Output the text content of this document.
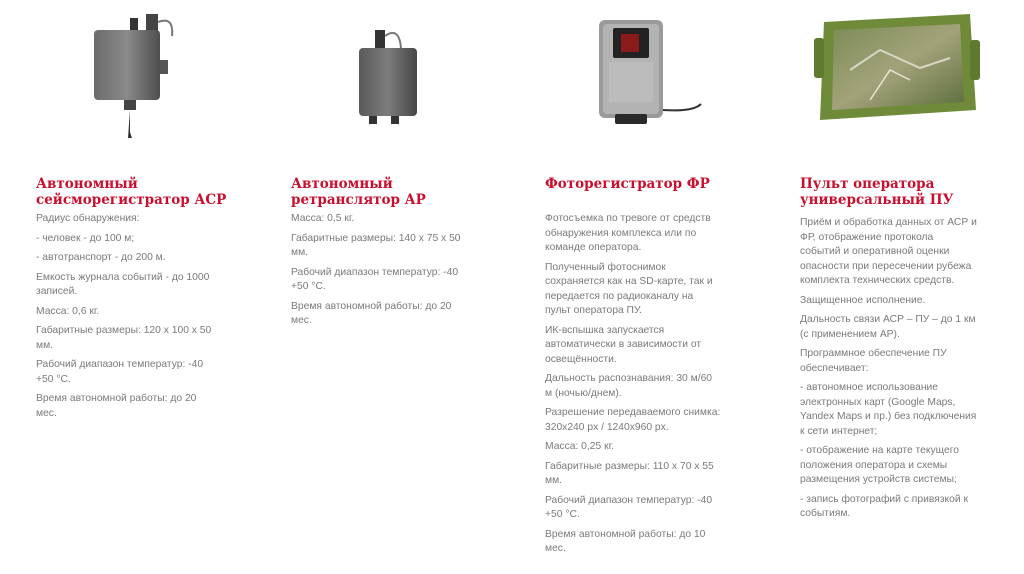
Автономный
сейсморегистратор АСР
Радиус обнаружения:
- человек - до 100 м;
- автотранспорт - до 200 м.
Емкость журнала событий - до 1000
записей.
Масса: 0,6 кг.
Габаритные размеры: 120 х 100 х 50
мм.
Рабочий диапазон температур: -40
+50 °С.
Время автономной работы: до 20
мес.
Автономный
ретранслятор АР
Масса: 0,5 кг.
Габаритные размеры: 140 х 75 х 50
мм.
Рабочий диапазон температур: -40
+50 °С.
Время автономной работы: до 20
мес.
Фоторегистратор ФР
Фотосъемка по тревоге от средств
обнаружения комплекса или по
команде оператора.
Полученный фотоснимок
сохраняется как на SD-карте, так и
передается по радиоканалу на
пульт оператора ПУ.
ИК-вспышка запускается
автоматически в зависимости от
освещённости.
Дальность распознавания: 30 м/60
м (ночью/днем).
Разрешение передаваемого снимка:
320х240 px / 1240х960 px.
Масса: 0,25 кг.
Габаритные размеры: 110 х 70 х 55
мм.
Рабочий диапазон температур: -40
+50 °С.
Время автономной работы: до 10
мес.
Пульт оператора
универсальный ПУ
Приём и обработка данных от АСР и
ФР, отображение протокола
событий и оперативной оценки
опасности при пересечении рубежа
комплекта технических средств.
Защищенное исполнение.
Дальность связи АСР – ПУ – до 1 км
(с применением АР).
Программное обеспечение ПУ
обеспечивает:
- автономное использование
электронных карт (Google Maps,
Yandex Maps и пр.) без подключения
к сети интернет;
- отображение на карте текущего
положения оператора и схемы
размещения устройств системы;
- запись фотографий с привязкой к
событиям.
